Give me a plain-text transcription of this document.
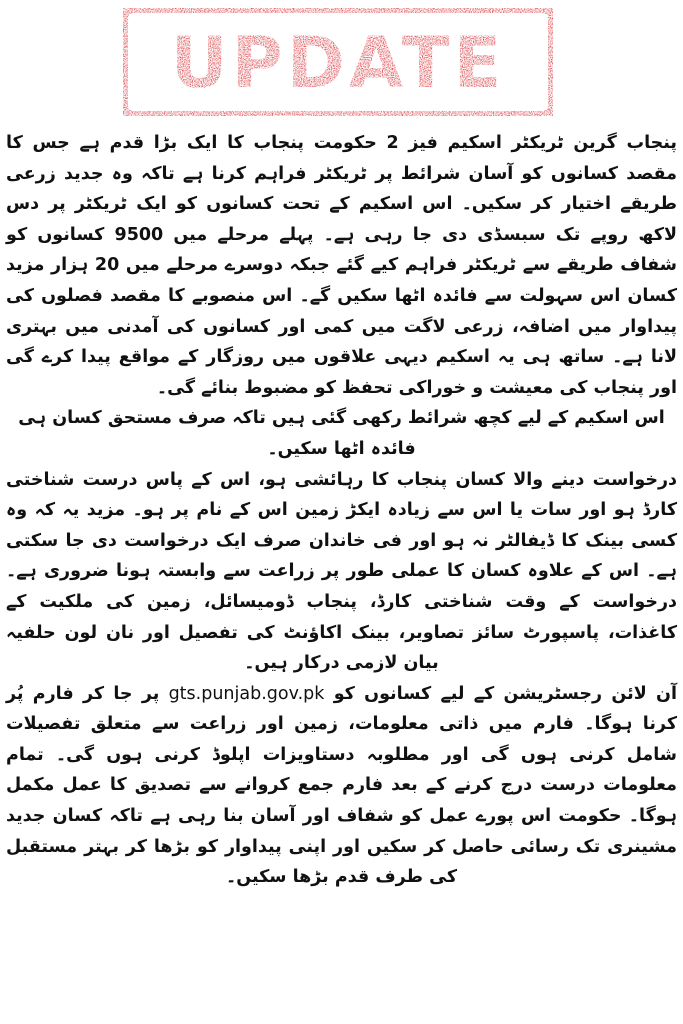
UPDATE

پنجاب گرین ٹریکٹر اسکیم فیز 2 حکومت پنجاب کا ایک بڑا قدم ہے جس کا مقصد کسانوں کو آسان شرائط پر ٹریکٹر فراہم کرنا ہے تاکہ وہ جدید زرعی طریقے اختیار کر سکیں۔ اس اسکیم کے تحت کسانوں کو ایک ٹریکٹر پر دس لاکھ روپے تک سبسڈی دی جا رہی ہے۔ پہلے مرحلے میں 9500 کسانوں کو شفاف طریقے سے ٹریکٹر فراہم کیے گئے جبکہ دوسرے مرحلے میں 20 ہزار مزید کسان اس سہولت سے فائدہ اٹھا سکیں گے۔ اس منصوبے کا مقصد فصلوں کی پیداوار میں اضافہ، زرعی لاگت میں کمی اور کسانوں کی آمدنی میں بہتری لانا ہے۔ ساتھ ہی یہ اسکیم دیہی علاقوں میں روزگار کے مواقع پیدا کرے گی اور پنجاب کی معیشت و خوراکی تحفظ کو مضبوط بنائے گی۔

اس اسکیم کے لیے کچھ شرائط رکھی گئی ہیں تاکہ صرف مستحق کسان ہی فائدہ اٹھا سکیں۔

درخواست دینے والا کسان پنجاب کا رہائشی ہو، اس کے پاس درست شناختی کارڈ ہو اور سات یا اس سے زیادہ ایکڑ زمین اس کے نام پر ہو۔ مزید یہ کہ وہ کسی بینک کا ڈیفالٹر نہ ہو اور فی خاندان صرف ایک درخواست دی جا سکتی ہے۔ اس کے علاوہ کسان کا عملی طور پر زراعت سے وابستہ ہونا ضروری ہے۔ درخواست کے وقت شناختی کارڈ، پنجاب ڈومیسائل، زمین کی ملکیت کے کاغذات، پاسپورٹ سائز تصاویر، بینک اکاؤنٹ کی تفصیل اور نان لون حلفیہ بیان لازمی درکار ہیں۔

آن لائن رجسٹریشن کے لیے کسانوں کو gts.punjab.gov.pk پر جا کر فارم پُر کرنا ہوگا۔ فارم میں ذاتی معلومات، زمین اور زراعت سے متعلق تفصیلات شامل کرنی ہوں گی اور مطلوبہ دستاویزات اپلوڈ کرنی ہوں گی۔ تمام معلومات درست درج کرنے کے بعد فارم جمع کروانے سے تصدیق کا عمل مکمل ہوگا۔ حکومت اس پورے عمل کو شفاف اور آسان بنا رہی ہے تاکہ کسان جدید مشینری تک رسائی حاصل کر سکیں اور اپنی پیداوار کو بڑھا کر بہتر مستقبل کی طرف قدم بڑھا سکیں۔
